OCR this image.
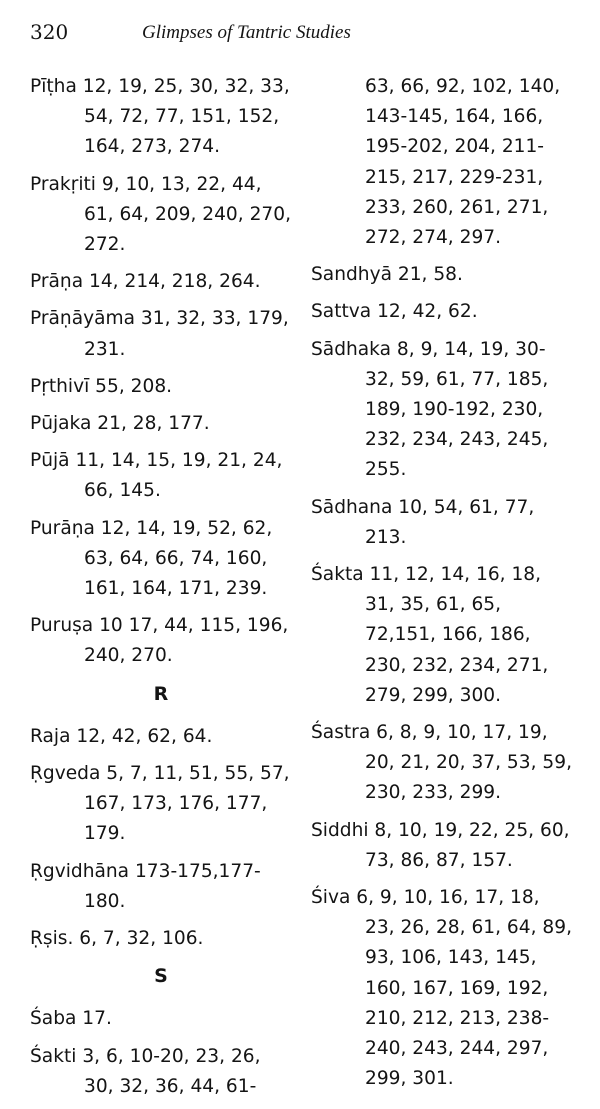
320	Glimpses of Tantric Studies
Pīṭha 12, 19, 25, 30, 32, 33, 54, 72, 77, 151, 152, 164, 273, 274.
Prakṛiti 9, 10, 13, 22, 44, 61, 64, 209, 240, 270, 272.
Prāṇa 14, 214, 218, 264.
Prāṇāyāma 31, 32, 33, 179, 231.
Pṛthivī 55, 208.
Pūjaka 21, 28, 177.
Pūjā 11, 14, 15, 19, 21, 24, 66, 145.
Purāṇa 12, 14, 19, 52, 62, 63, 64, 66, 74, 160, 161, 164, 171, 239.
Puruṣa 10 17, 44, 115, 196, 240, 270.
R
Raja 12, 42, 62, 64.
Ṛgveda 5, 7, 11, 51, 55, 57, 167, 173, 176, 177, 179.
Ṛgvidhāna 173-175,177-180.
Ṛṣis. 6, 7, 32, 106.
S
Śaba 17.
Śakti 3, 6, 10-20, 23, 26, 30, 32, 36, 44, 61-
63, 66, 92, 102, 140, 143-145, 164, 166, 195-202, 204, 211-215, 217, 229-231, 233, 260, 261, 271, 272, 274, 297.
Sandhyā 21, 58.
Sattva 12, 42, 62.
Sādhaka 8, 9, 14, 19, 30-32, 59, 61, 77, 185, 189, 190-192, 230, 232, 234, 243, 245, 255.
Sādhana 10, 54, 61, 77, 213.
Śakta 11, 12, 14, 16, 18, 31, 35, 61, 65, 72,151, 166, 186, 230, 232, 234, 271, 279, 299, 300.
Śastra 6, 8, 9, 10, 17, 19, 20, 21, 20, 37, 53, 59, 230, 233, 299.
Siddhi 8, 10, 19, 22, 25, 60, 73, 86, 87, 157.
Śiva 6, 9, 10, 16, 17, 18, 23, 26, 28, 61, 64, 89, 93, 106, 143, 145, 160, 167, 169, 192, 210, 212, 213, 238-240, 243, 244, 297, 299, 301.
